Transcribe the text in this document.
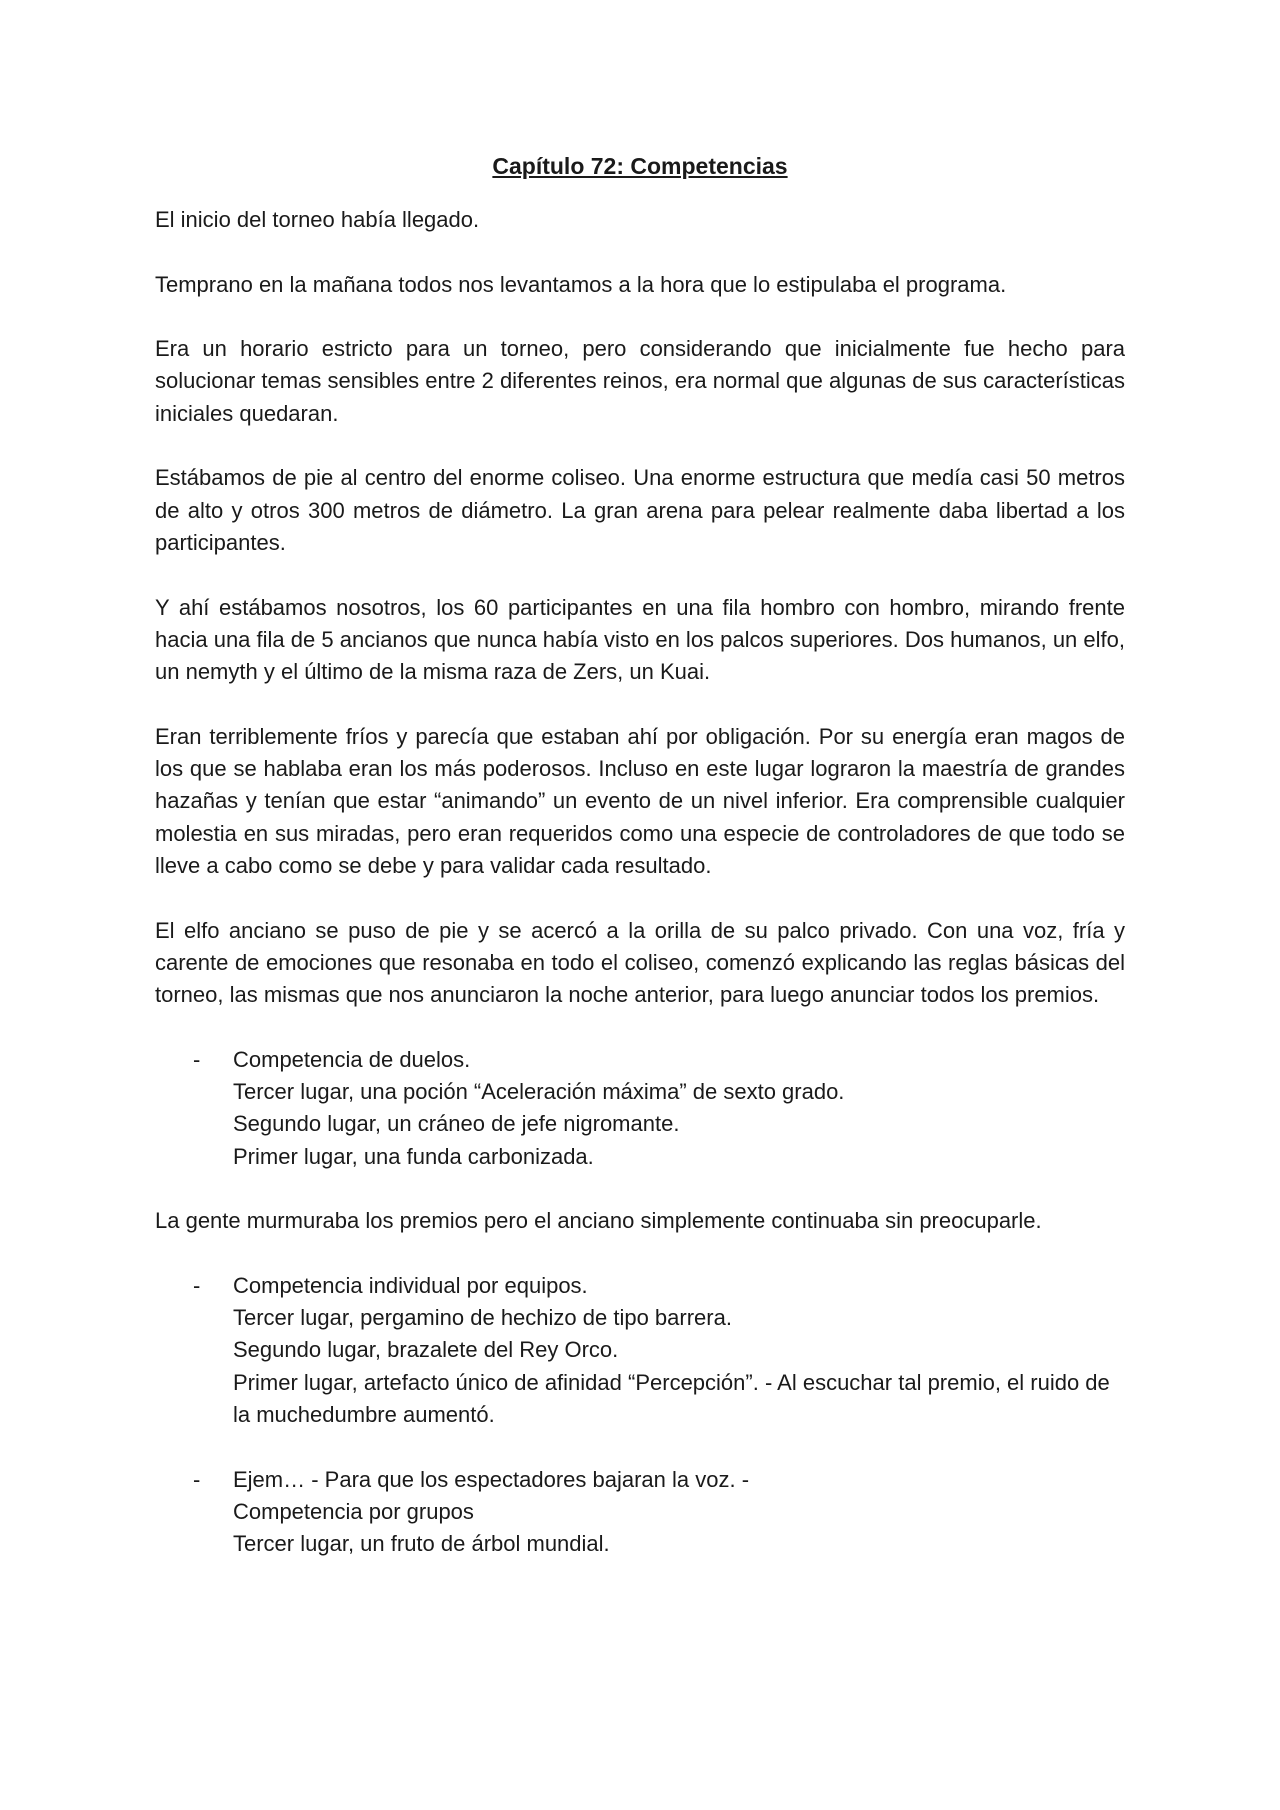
Capítulo 72: Competencias

El inicio del torneo había llegado.

Temprano en la mañana todos nos levantamos a la hora que lo estipulaba el programa.

Era un horario estricto para un torneo, pero considerando que inicialmente fue hecho para solucionar temas sensibles entre 2 diferentes reinos, era normal que algunas de sus características iniciales quedaran.

Estábamos de pie al centro del enorme coliseo. Una enorme estructura que medía casi 50 metros de alto y otros 300 metros de diámetro. La gran arena para pelear realmente daba libertad a los participantes.

Y ahí estábamos nosotros, los 60 participantes en una fila hombro con hombro, mirando frente hacia una fila de 5 ancianos que nunca había visto en los palcos superiores. Dos humanos, un elfo, un nemyth y el último de la misma raza de Zers, un Kuai.

Eran terriblemente fríos y parecía que estaban ahí por obligación. Por su energía eran magos de los que se hablaba eran los más poderosos. Incluso en este lugar lograron la maestría de grandes hazañas y tenían que estar “animando” un evento de un nivel inferior. Era comprensible cualquier molestia en sus miradas, pero eran requeridos como una especie de controladores de que todo se lleve a cabo como se debe y para validar cada resultado.

El elfo anciano se puso de pie y se acercó a la orilla de su palco privado. Con una voz, fría y carente de emociones que resonaba en todo el coliseo, comenzó explicando las reglas básicas del torneo, las mismas que nos anunciaron la noche anterior, para luego anunciar todos los premios.

- Competencia de duelos.
Tercer lugar, una poción “Aceleración máxima” de sexto grado.
Segundo lugar, un cráneo de jefe nigromante.
Primer lugar, una funda carbonizada.

La gente murmuraba los premios pero el anciano simplemente continuaba sin preocuparle.

- Competencia individual por equipos.
Tercer lugar, pergamino de hechizo de tipo barrera.
Segundo lugar, brazalete del Rey Orco.
Primer lugar, artefacto único de afinidad “Percepción”. - Al escuchar tal premio, el ruido de la muchedumbre aumentó.
- Ejem… - Para que los espectadores bajaran la voz. -
Competencia por grupos
Tercer lugar, un fruto de árbol mundial.
